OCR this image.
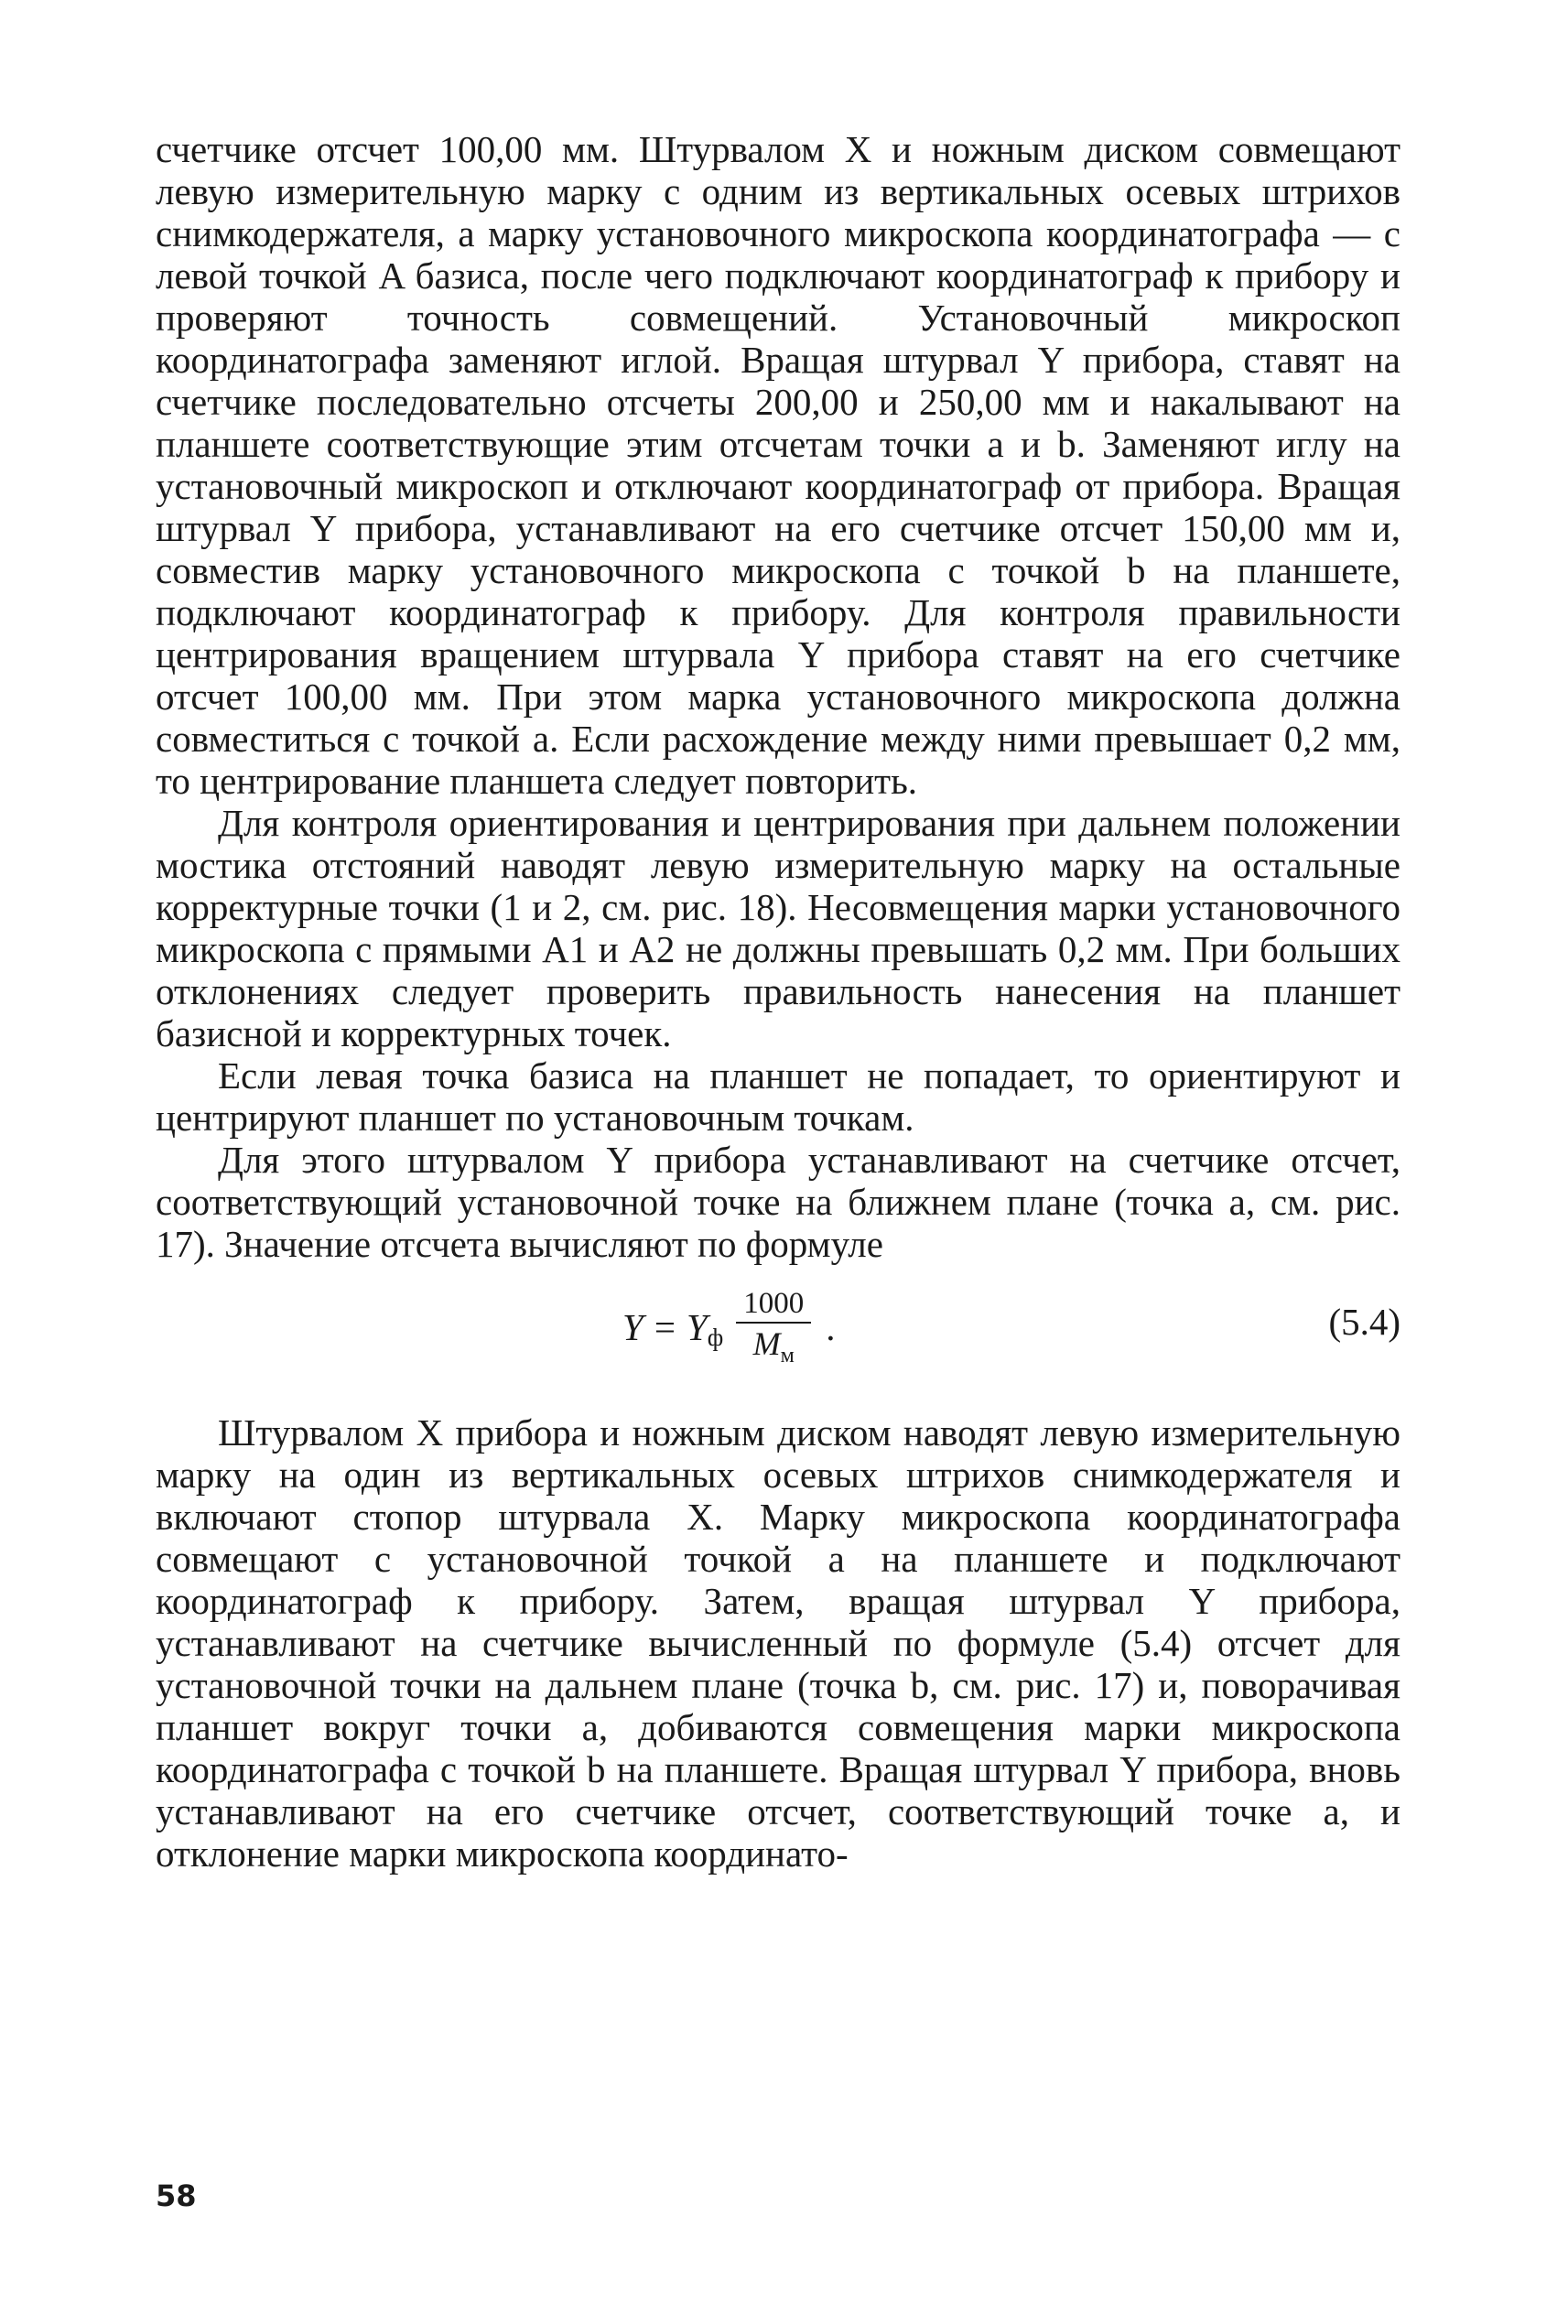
счетчике отсчет 100,00 мм. Штурвалом X и ножным диском совмещают левую измерительную марку с одним из вертикальных осевых штрихов снимкодержателя, а марку установочного микроскопа координатографа — с левой точкой A базиса, после чего подключают координатограф к прибору и проверяют точность совмещений. Установочный микроскоп координатографа заменяют иглой. Вращая штурвал Y прибора, ставят на счетчике последовательно отсчеты 200,00 и 250,00 мм и накалывают на планшете соответствующие этим отсчетам точки a и b. Заменяют иглу на установочный микроскоп и отключают координатограф от прибора. Вращая штурвал Y прибора, устанавливают на его счетчике отсчет 150,00 мм и, совместив марку установочного микроскопа с точкой b на планшете, подключают координатограф к прибору. Для контроля правильности центрирования вращением штурвала Y прибора ставят на его счетчике отсчет 100,00 мм. При этом марка установочного микроскопа должна совместиться с точкой a. Если расхождение между ними превышает 0,2 мм, то центрирование планшета следует повторить.

Для контроля ориентирования и центрирования при дальнем положении мостика отстояний наводят левую измерительную марку на остальные корректурные точки (1 и 2, см. рис. 18). Несовмещения марки установочного микроскопа с прямыми A1 и A2 не должны превышать 0,2 мм. При больших отклонениях следует проверить правильность нанесения на планшет базисной и корректурных точек.

Если левая точка базиса на планшет не попадает, то ориентируют и центрируют планшет по установочным точкам.

Для этого штурвалом Y прибора устанавливают на счетчике отсчет, соответствующий установочной точке на ближнем плане (точка a, см. рис. 17). Значение отсчета вычисляют по формуле

Y = Y ф $\frac{1000}{M_м}$ .	(5.4)

Штурвалом X прибора и ножным диском наводят левую измерительную марку на один из вертикальных осевых штрихов снимкодержателя и включают стопор штурвала X. Марку микроскопа координатографа совмещают с установочной точкой a на планшете и подключают координатограф к прибору. Затем, вращая штурвал Y прибора, устанавливают на счетчике вычисленный по формуле (5.4) отсчет для установочной точки на дальнем плане (точка b, см. рис. 17) и, поворачивая планшет вокруг точки a, добиваются совмещения марки микроскопа координатографа с точкой b на планшете. Вращая штурвал Y прибора, вновь устанавливают на его счетчике отсчет, соответствующий точке a, и отклонение марки микроскопа координато-

58
